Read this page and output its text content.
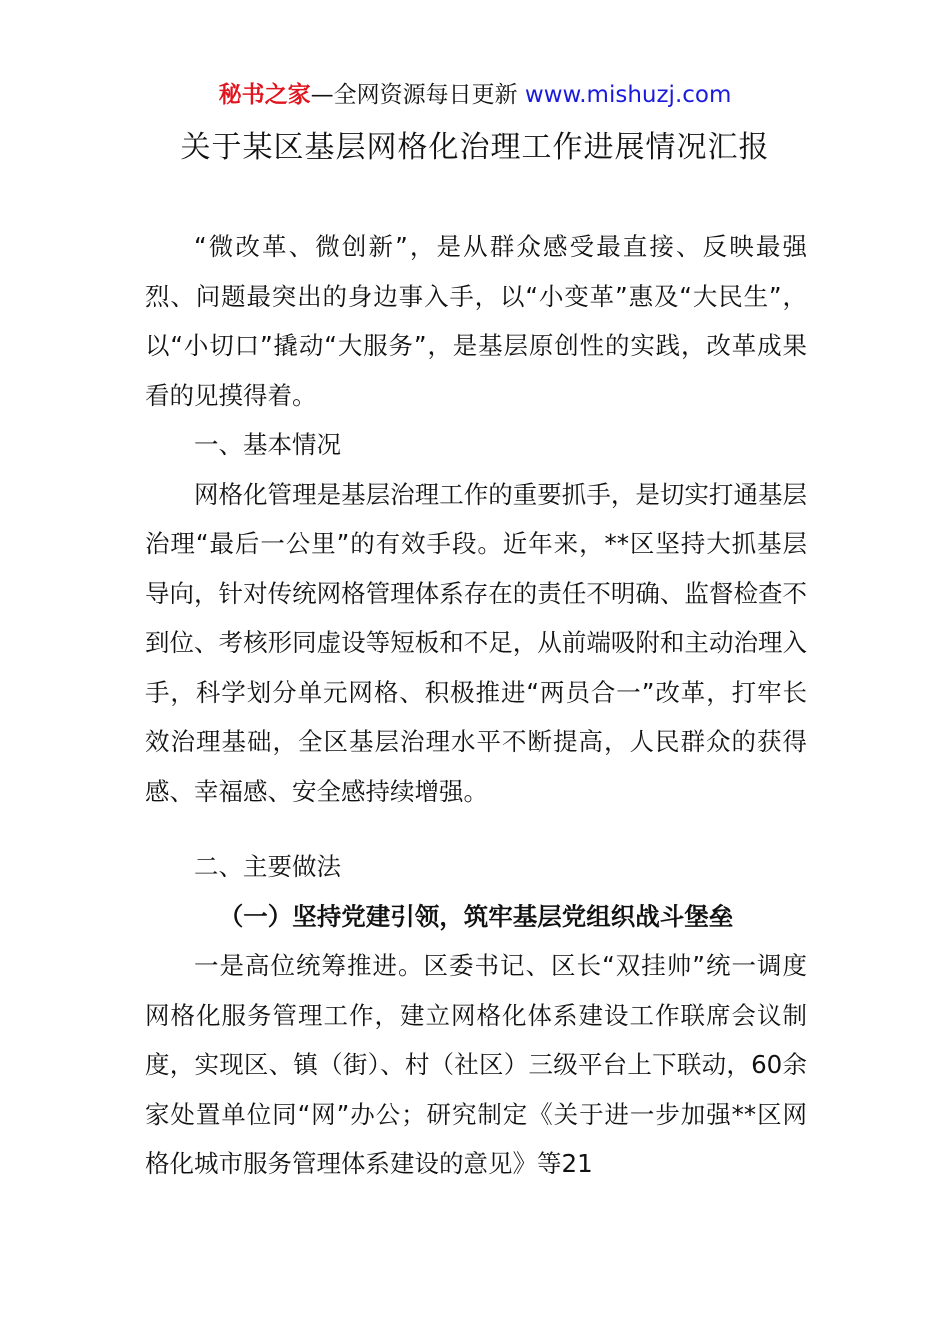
秘书之家—全网资源每日更新 www.mishuzj.com
关于某区基层网格化治理工作进展情况汇报

“微改革、微创新”，是从群众感受最直接、反映最强烈、问题最突出的身边事入手，以“小变革”惠及“大民生”，以“小切口”撬动“大服务”，是基层原创性的实践，改革成果看的见摸得着。

一、基本情况

网格化管理是基层治理工作的重要抓手，是切实打通基层治理“最后一公里”的有效手段。近年来，**区坚持大抓基层导向，针对传统网格管理体系存在的责任不明确、监督检查不到位、考核形同虚设等短板和不足，从前端吸附和主动治理入手，科学划分单元网格、积极推进“两员合一”改革，打牢长效治理基础，全区基层治理水平不断提高，人民群众的获得感、幸福感、安全感持续增强。

二、主要做法
（一）坚持党建引领，筑牢基层党组织战斗堡垒

一是高位统筹推进。区委书记、区长“双挂帅”统一调度网格化服务管理工作，建立网格化体系建设工作联席会议制度，实现区、镇（街）、村（社区）三级平台上下联动，60余家处置单位同“网”办公；研究制定《关于进一步加强**区网格化城市服务管理体系建设的意见》等21
